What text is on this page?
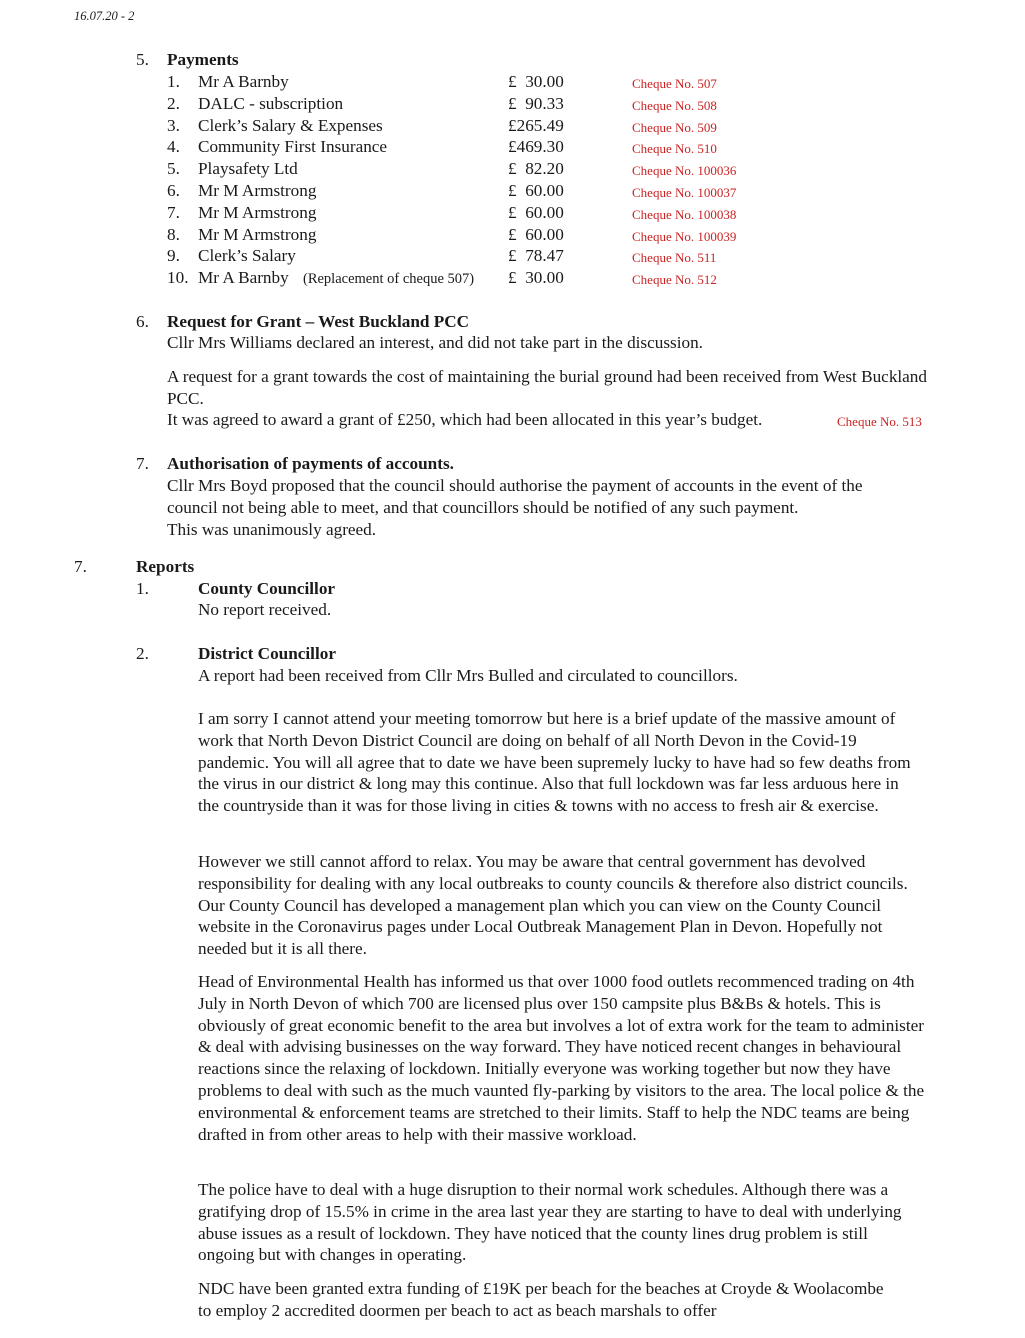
16.07.20 - 2
5. Payments
1. Mr A Barnby	£  30.00	Cheque No. 507
2. DALC - subscription	£  90.33	Cheque No. 508
3. Clerk’s Salary & Expenses	£265.49	Cheque No. 509
4. Community First Insurance	£469.30	Cheque No. 510
5. Playsafety Ltd	£  82.20	Cheque No. 100036
6. Mr M Armstrong	£  60.00	Cheque No. 100037
7. Mr M Armstrong	£  60.00	Cheque No. 100038
8. Mr M Armstrong	£  60.00	Cheque No. 100039
9. Clerk’s Salary	£  78.47	Cheque No. 511
10. Mr A Barnby (Replacement of cheque 507) £  30.00	Cheque No. 512
6. Request for Grant – West Buckland PCC
Cllr Mrs Williams declared an interest, and did not take part in the discussion.
A request for a grant towards the cost of maintaining the burial ground had been received from West Buckland PCC.
It was agreed to award a grant of £250, which had been allocated in this year’s budget.	Cheque No. 513
7. Authorisation of payments of accounts.
Cllr Mrs Boyd proposed that the council should authorise the payment of accounts in the event of the council not being able to meet, and that councillors should be notified of any such payment.
This was unanimously agreed.
7.	Reports
1.	County Councillor
No report received.
2.	District Councillor
A report had been received from Cllr Mrs Bulled and circulated to councillors.
I am sorry I cannot attend your meeting tomorrow but here is a brief update of the massive amount of work that North Devon District Council are doing on behalf of all North Devon in the Covid-19 pandemic. You will all agree that to date we have been supremely lucky to have had so few deaths from the virus in our district & long may this continue. Also that full lockdown was far less arduous here in the countryside than it was for those living in cities & towns with no access to fresh air & exercise.
However we still cannot afford to relax. You may be aware that central government has devolved responsibility for dealing with any local outbreaks to county councils & therefore also district councils. Our County Council has developed a management plan which you can view on the County Council website in the Coronavirus pages under Local Outbreak Management Plan in Devon. Hopefully not needed but it is all there.
Head of Environmental Health has informed us that over 1000 food outlets recommenced trading on 4th July in North Devon of which 700 are licensed plus over 150 campsite plus B&Bs & hotels. This is obviously of great economic benefit to the area but involves a lot of extra work for the team to administer & deal with advising businesses on the way forward. They have noticed recent changes in behavioural reactions since the relaxing of lockdown. Initially everyone was working together but now they have problems to deal with such as the much vaunted fly-parking by visitors to the area. The local police & the environmental & enforcement teams are stretched to their limits. Staff to help the NDC teams are being drafted in from other areas to help with their massive workload.
The police have to deal with a huge disruption to their normal work schedules. Although there was a gratifying drop of 15.5% in crime in the area last year they are starting to have to deal with underlying abuse issues as a result of lockdown. They have noticed that the county lines drug problem is still ongoing but with changes in operating.
NDC have been granted extra funding of £19K per beach for the beaches at Croyde & Woolacombe to employ 2 accredited doormen per beach to act as beach marshals to offer
